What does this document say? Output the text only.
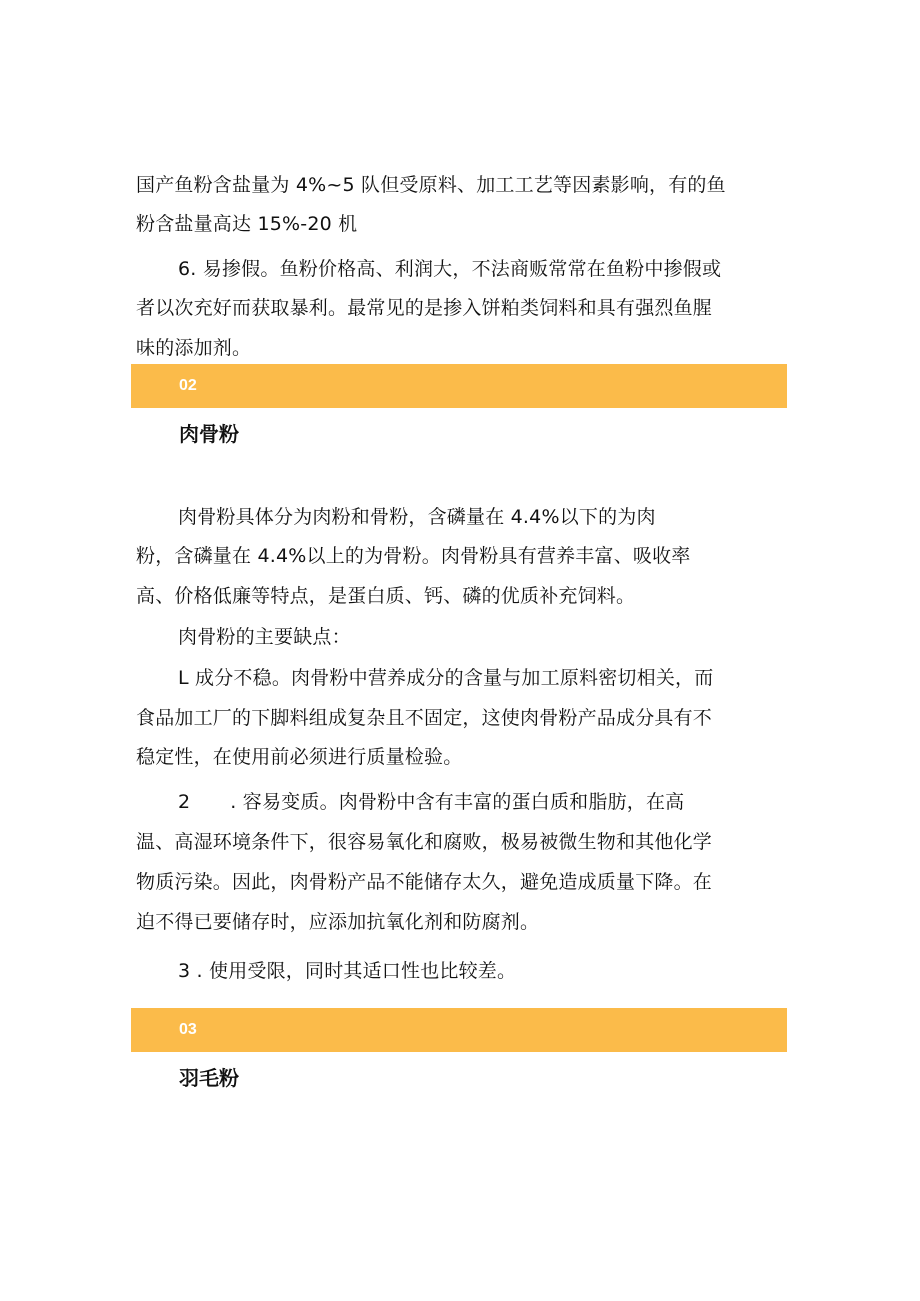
国产鱼粉含盐量为 4%~5 队但受原料、加工工艺等因素影响，有的鱼
粉含盐量高达 15%-20 机
6. 易掺假。鱼粉价格高、利润大，不法商贩常常在鱼粉中掺假或
者以次充好而获取暴利。最常见的是掺入饼粕类饲料和具有强烈鱼腥
味的添加剂。
02
肉骨粉
肉骨粉具体分为肉粉和骨粉，含磷量在 4.4%以下的为肉
粉，含磷量在 4.4%以上的为骨粉。肉骨粉具有营养丰富、吸收率
高、价格低廉等特点，是蛋白质、钙、磷的优质补充饲料。
肉骨粉的主要缺点：
L 成分不稳。肉骨粉中营养成分的含量与加工原料密切相关，而
食品加工厂的下脚料组成复杂且不固定，这使肉骨粉产品成分具有不
稳定性，在使用前必须进行质量检验。
2 . 容易变质。肉骨粉中含有丰富的蛋白质和脂肪，在高
温、高湿环境条件下，很容易氧化和腐败，极易被微生物和其他化学
物质污染。因此，肉骨粉产品不能储存太久，避免造成质量下降。在
迫不得已要储存时，应添加抗氧化剂和防腐剂。
3 . 使用受限，同时其适口性也比较差。
03
羽毛粉
